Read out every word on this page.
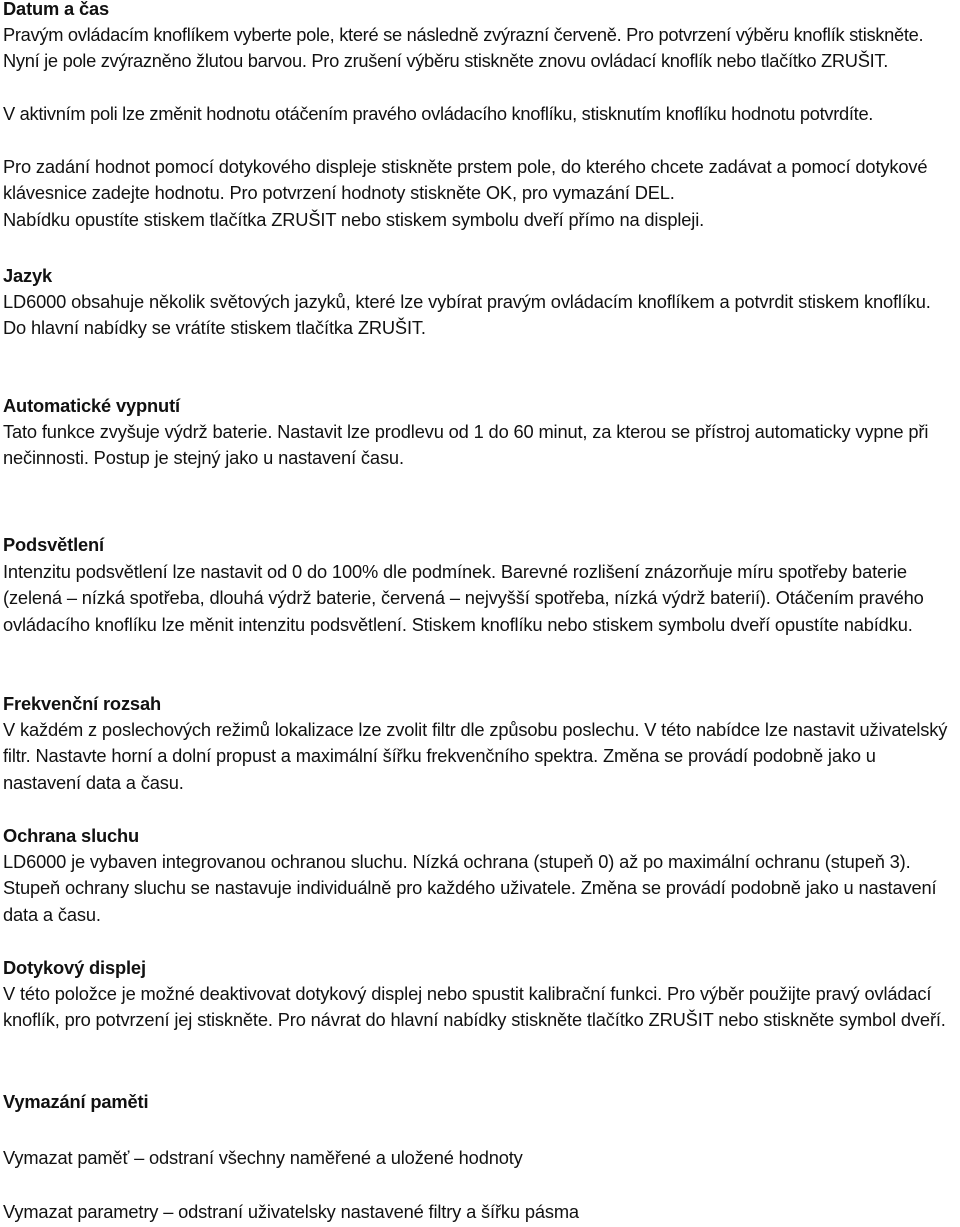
Datum a čas

Pravým ovládacím knoflíkem vyberte pole, které se následně zvýrazní červeně. Pro potvrzení výběru knoflík stiskněte. Nyní je pole zvýrazněno žlutou barvou. Pro zrušení výběru stiskněte znovu ovládací knoflík nebo tlačítko ZRUŠIT.

V aktivním poli lze změnit hodnotu otáčením pravého ovládacího knoflíku, stisknutím knoflíku hodnotu potvrdíte.

Pro zadání hodnot pomocí dotykového displeje stiskněte prstem pole, do kterého chcete zadávat a pomocí dotykové klávesnice zadejte hodnotu. Pro potvrzení hodnoty stiskněte OK, pro vymazání DEL.

Nabídku opustíte stiskem tlačítka ZRUŠIT nebo stiskem symbolu dveří přímo na displeji.

Jazyk

LD6000 obsahuje několik světových jazyků, které lze vybírat pravým ovládacím knoflíkem a potvrdit stiskem knoflíku. Do hlavní nabídky se vrátíte stiskem tlačítka ZRUŠIT.

Automatické vypnutí

Tato funkce zvyšuje výdrž baterie. Nastavit lze prodlevu od 1 do 60 minut, za kterou se přístroj automaticky vypne při nečinnosti. Postup je stejný jako u nastavení času.

Podsvětlení

Intenzitu podsvětlení lze nastavit od 0 do 100% dle podmínek. Barevné rozlišení znázorňuje míru spotřeby baterie (zelená – nízká spotřeba, dlouhá výdrž baterie, červená – nejvyšší spotřeba, nízká výdrž baterií). Otáčením pravého ovládacího knoflíku lze měnit intenzitu podsvětlení. Stiskem knoflíku nebo stiskem symbolu dveří opustíte nabídku.

Frekvenční rozsah

V každém z poslechových režimů lokalizace lze zvolit filtr dle způsobu poslechu. V této nabídce lze nastavit uživatelský filtr. Nastavte horní a dolní propust a maximální šířku frekvenčního spektra. Změna se provádí podobně jako u nastavení data a času.

Ochrana sluchu

LD6000 je vybaven integrovanou ochranou sluchu. Nízká ochrana (stupeň 0) až po maximální ochranu (stupeň 3). Stupeň ochrany sluchu se nastavuje individuálně pro každého uživatele. Změna se provádí podobně jako u nastavení data a času.

Dotykový displej

V této položce je možné deaktivovat dotykový displej nebo spustit kalibrační funkci. Pro výběr použijte pravý ovládací knoflík, pro potvrzení jej stiskněte. Pro návrat do hlavní nabídky stiskněte tlačítko ZRUŠIT nebo stiskněte symbol dveří.

Vymazání paměti

Vymazat paměť – odstraní všechny naměřené a uložené hodnoty

Vymazat parametry – odstraní uživatelsky nastavené filtry a šířku pásma
